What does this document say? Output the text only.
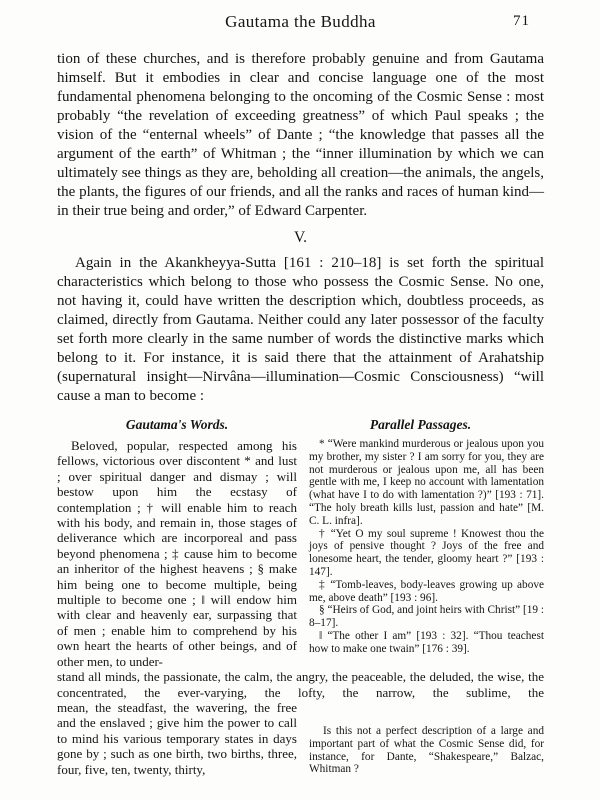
Gautama the Buddha	71

tion of these churches, and is therefore probably genuine and from Gautama himself. But it embodies in clear and concise language one of the most fundamental phenomena belonging to the oncoming of the Cosmic Sense : most probably “the revelation of exceeding greatness” of which Paul speaks ; the vision of the “enternal wheels” of Dante ; “the knowledge that passes all the argument of the earth” of Whitman ; the “inner illumination by which we can ultimately see things as they are, beholding all creation—the animals, the angels, the plants, the figures of our friends, and all the ranks and races of human kind—in their true being and order,” of Edward Carpenter.

V.

Again in the Akankheyya-Sutta [161 : 210–18] is set forth the spiritual characteristics which belong to those who possess the Cosmic Sense. No one, not having it, could have written the description which, doubtless proceeds, as claimed, directly from Gautama. Neither could any later possessor of the faculty set forth more clearly in the same number of words the distinctive marks which belong to it. For instance, it is said there that the attainment of Arahatship (supernatural insight—Nirvâna—illumination—Cosmic Consciousness) “will cause a man to become :

Gautama's Words.	Parallel Passages.

Beloved, popular, respected among his fellows, victorious over discontent * and lust ; over spiritual danger and dismay ; will bestow upon him the ecstasy of contemplation ; † will enable him to reach with his body, and remain in, those stages of deliverance which are incorporeal and pass beyond phenomena ; ‡ cause him to become an inheritor of the highest heavens ; § make him being one to become multiple, being multiple to become one ; ‖ will endow him with clear and heavenly ear, surpassing that of men ; enable him to comprehend by his own heart the hearts of other beings, and of other men, to under-

* “Were mankind murderous or jealous upon you my brother, my sister ? I am sorry for you, they are not murderous or jealous upon me, all has been gentle with me, I keep no account with lamentation (what have I to do with lamentation ?)” [193 : 71]. “The holy breath kills lust, passion and hate” [M. C. L. infra].

† “Yet O my soul supreme ! Knowest thou the joys of pensive thought ? Joys of the free and lonesome heart, the tender, gloomy heart ?” [193 : 147].

‡ “Tomb-leaves, body-leaves growing up above me, above death” [193 : 96].

§ “Heirs of God, and joint heirs with Christ” [19 : 8–17].

‖ “The other I am” [193 : 32]. “Thou teachest how to make one twain” [176 : 39].

stand all minds, the passionate, the calm, the angry, the peaceable, the deluded, the wise, the concentrated, the ever-varying, the lofty, the narrow, the sublime, the

mean, the steadfast, the wavering, the free and the enslaved ; give him the power to call to mind his various temporary states in days gone by ; such as one birth, two births, three, four, five, ten, twenty, thirty,

Is this not a perfect description of a large and important part of what the Cosmic Sense did, for instance, for Dante, “Shakespeare,” Balzac, Whitman ?
